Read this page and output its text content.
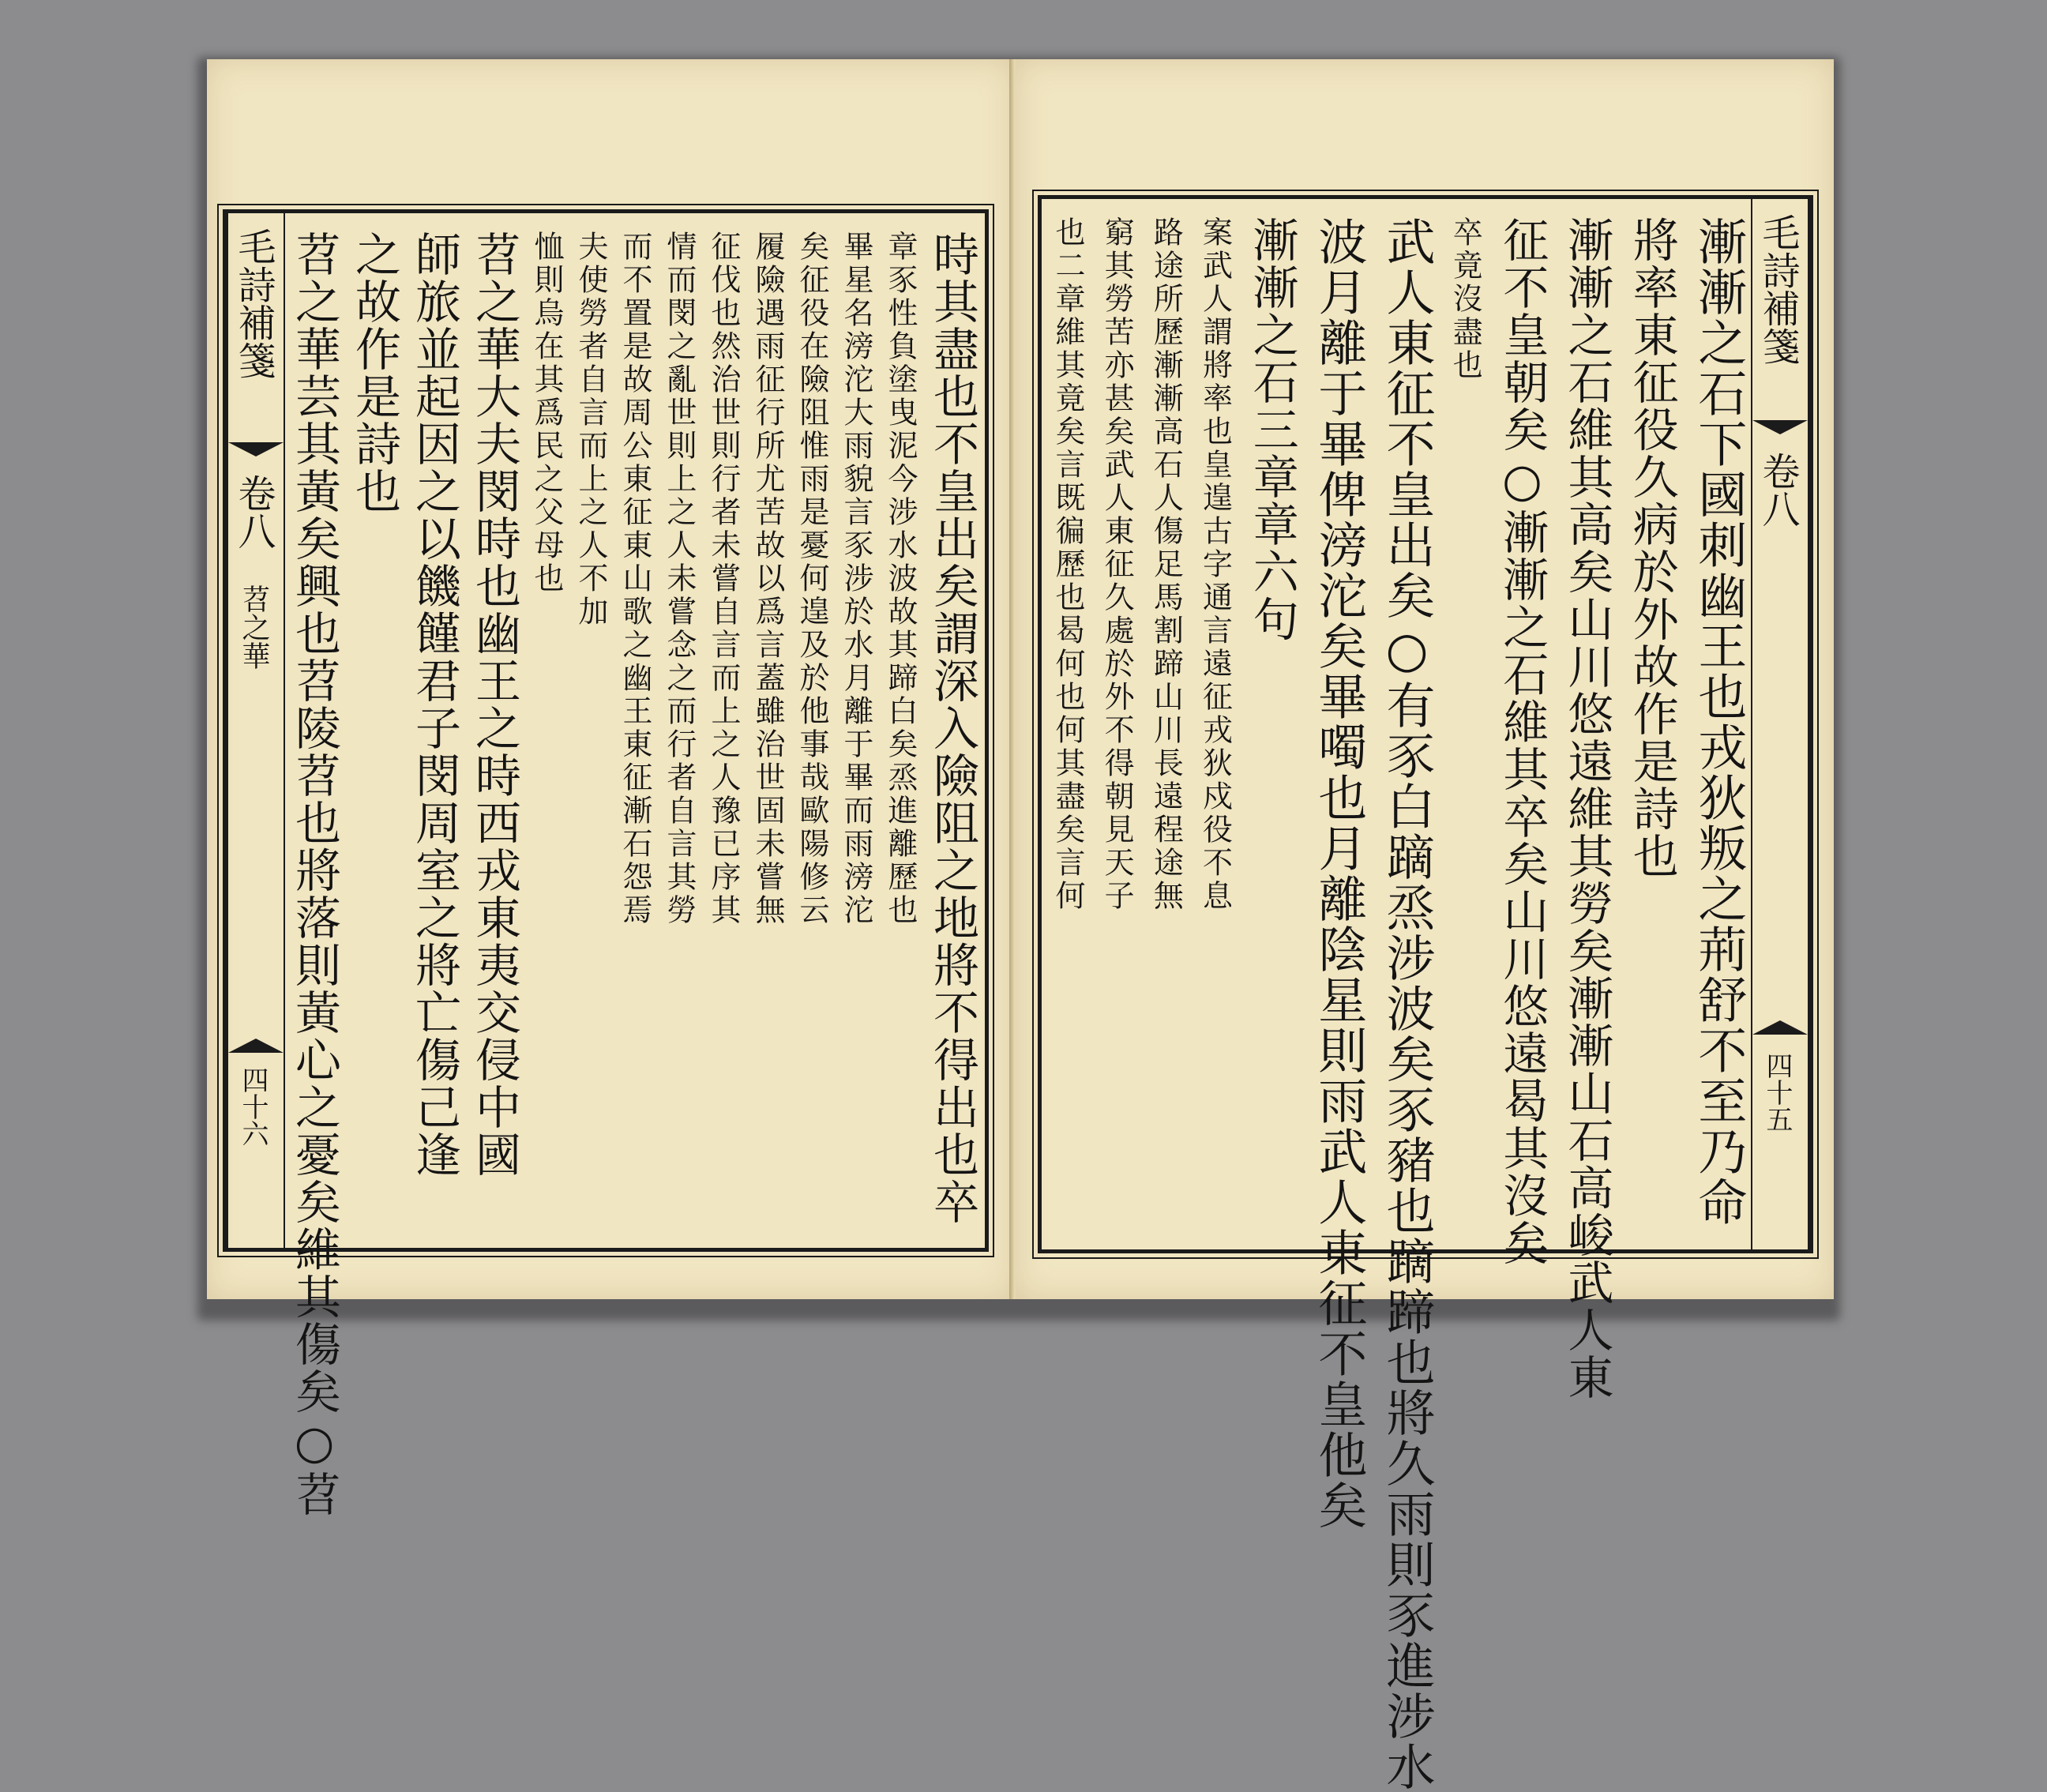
毛詩補箋
卷八
苕之華
四十六	時其盡也不皇出矣謂深入險阻之地將不得出也卒
章豕性負塗曳泥今涉水波故其蹄白矣烝進離歷也
畢星名滂沱大雨貌言豕涉於水月離于畢而雨滂沱
矣征役在險阻惟雨是憂何遑及於他事哉歐陽修云
履險遇雨征行所尤苦故以爲言蓋雖治世固未嘗無
征伐也然治世則行者未嘗自言而上之人豫已序其
情而閔之亂世則上之人未嘗念之而行者自言其勞
而不置是故周公東征東山歌之幽王東征漸石怨焉
夫使勞者自言而上之人不加
恤則烏在其爲民之父母也
苕之華大夫閔時也幽王之時西戎東夷交侵中國
師旅並起因之以饑饉君子閔周室之將亡傷己逢
之故作是詩也
苕之華芸其黃矣興也苕陵苕也將落則黃心之憂矣維其傷矣○苕	毛詩補箋
卷八
四十五
漸漸之石下國刺幽王也戎狄叛之荊舒不至乃命
將率東征役久病於外故作是詩也
漸漸之石維其高矣山川悠遠維其勞矣漸漸山石高峻武人東
征不皇朝矣○漸漸之石維其卒矣山川悠遠曷其沒矣
卒竟沒盡也
武人東征不皇出矣○有豕白蹢烝涉波矣豕豬也蹢蹄也將久雨則豕進涉水
波月離于畢俾滂沱矣畢噣也月離陰星則雨武人東征不皇他矣
漸漸之石三章章六句
案武人謂將率也皇遑古字通言遠征戎狄戍役不息
路途所歷漸漸高石人傷足馬割蹄山川長遠程途無
窮其勞苦亦甚矣武人東征久處於外不得朝見天子
也二章維其竟矣言既徧歷也曷何也何其盡矣言何
